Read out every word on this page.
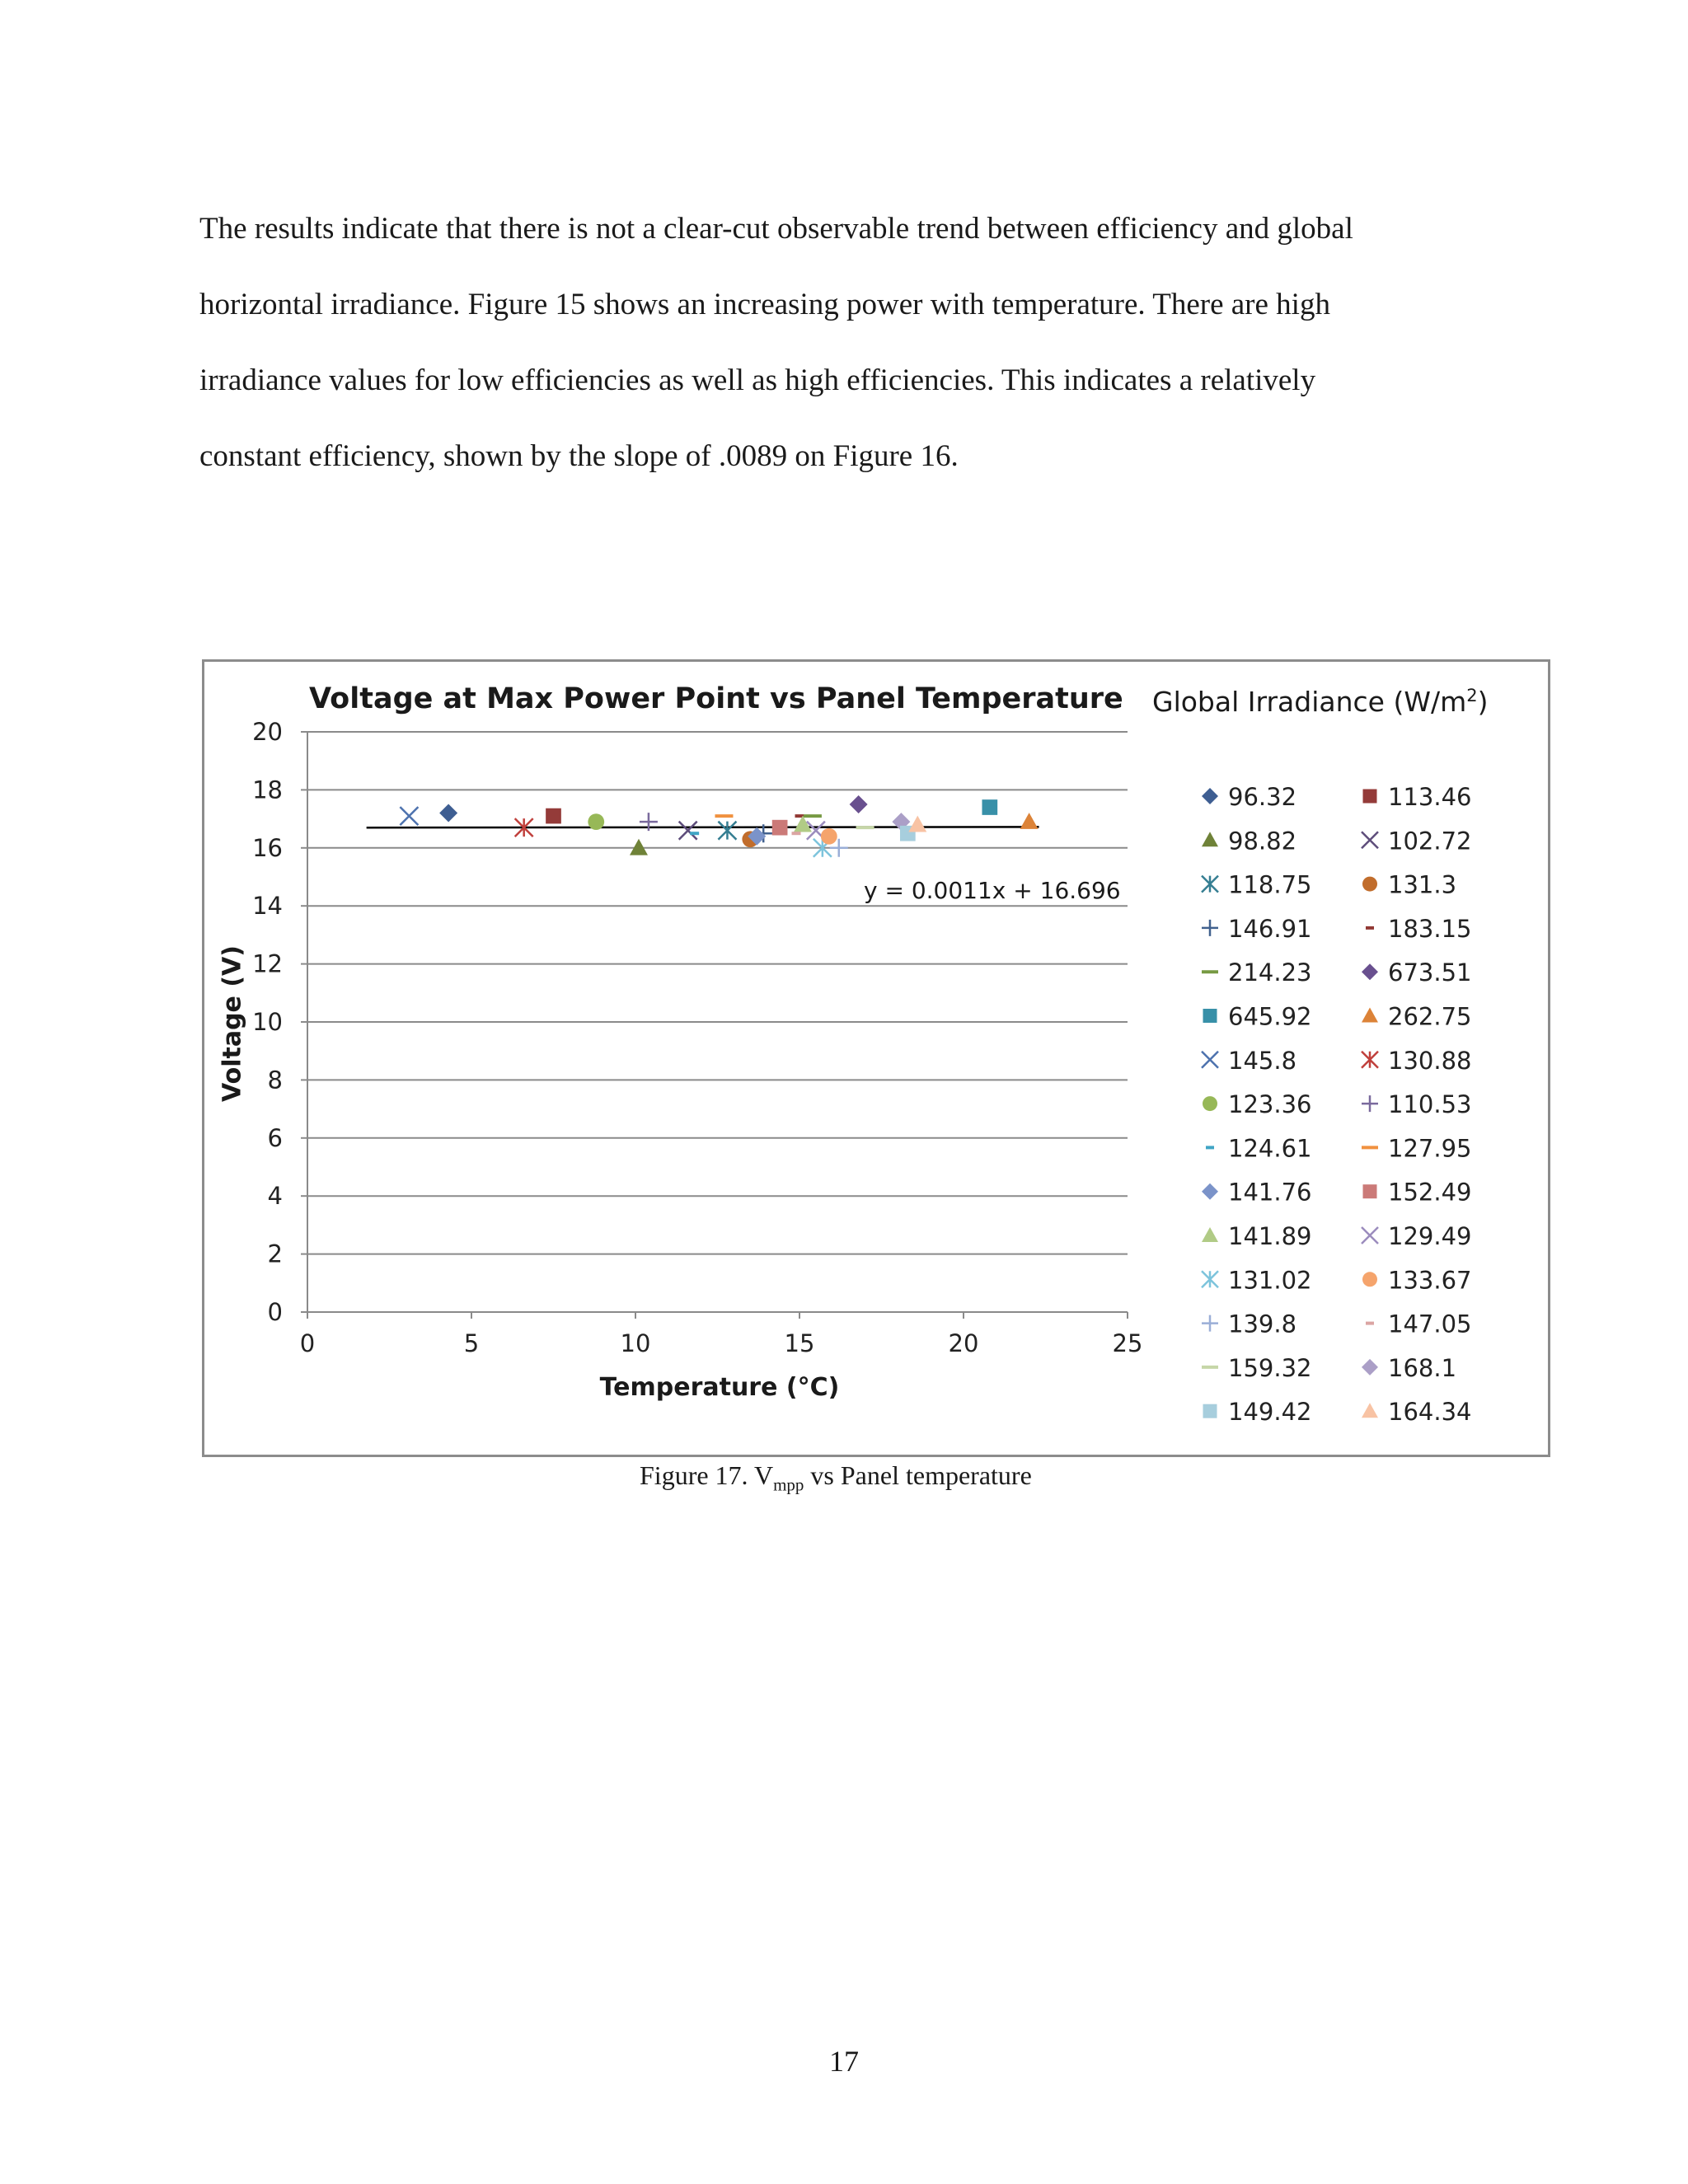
The results indicate that there is not a clear-cut observable trend between efficiency and global
horizontal irradiance. Figure 15 shows an increasing power with temperature. There are high
irradiance values for low efficiencies as well as high efficiencies. This indicates a relatively
constant efficiency, shown by the slope of .0089 on Figure 16.

0
2
4
6
8
10
12
14
16
18
20
0	5	10	15	20	25
96.32	113.46
98.82	102.72
118.75	131.3
146.91	183.15
214.23	673.51
645.92	262.75
145.8	130.88
123.36	110.53
124.61	127.95
141.76	152.49
141.89	129.49
131.02	133.67
139.8	147.05
159.32	168.1
149.42	164.34
Voltage at Max Power Point vs Panel Temperature Global Irradiance $(W/m^2)$
Voltage (V)
Temperature (°C)
y = 0.0011x + 16.696
Figure 17. $V_{mpp}$ vs Panel temperature
17
